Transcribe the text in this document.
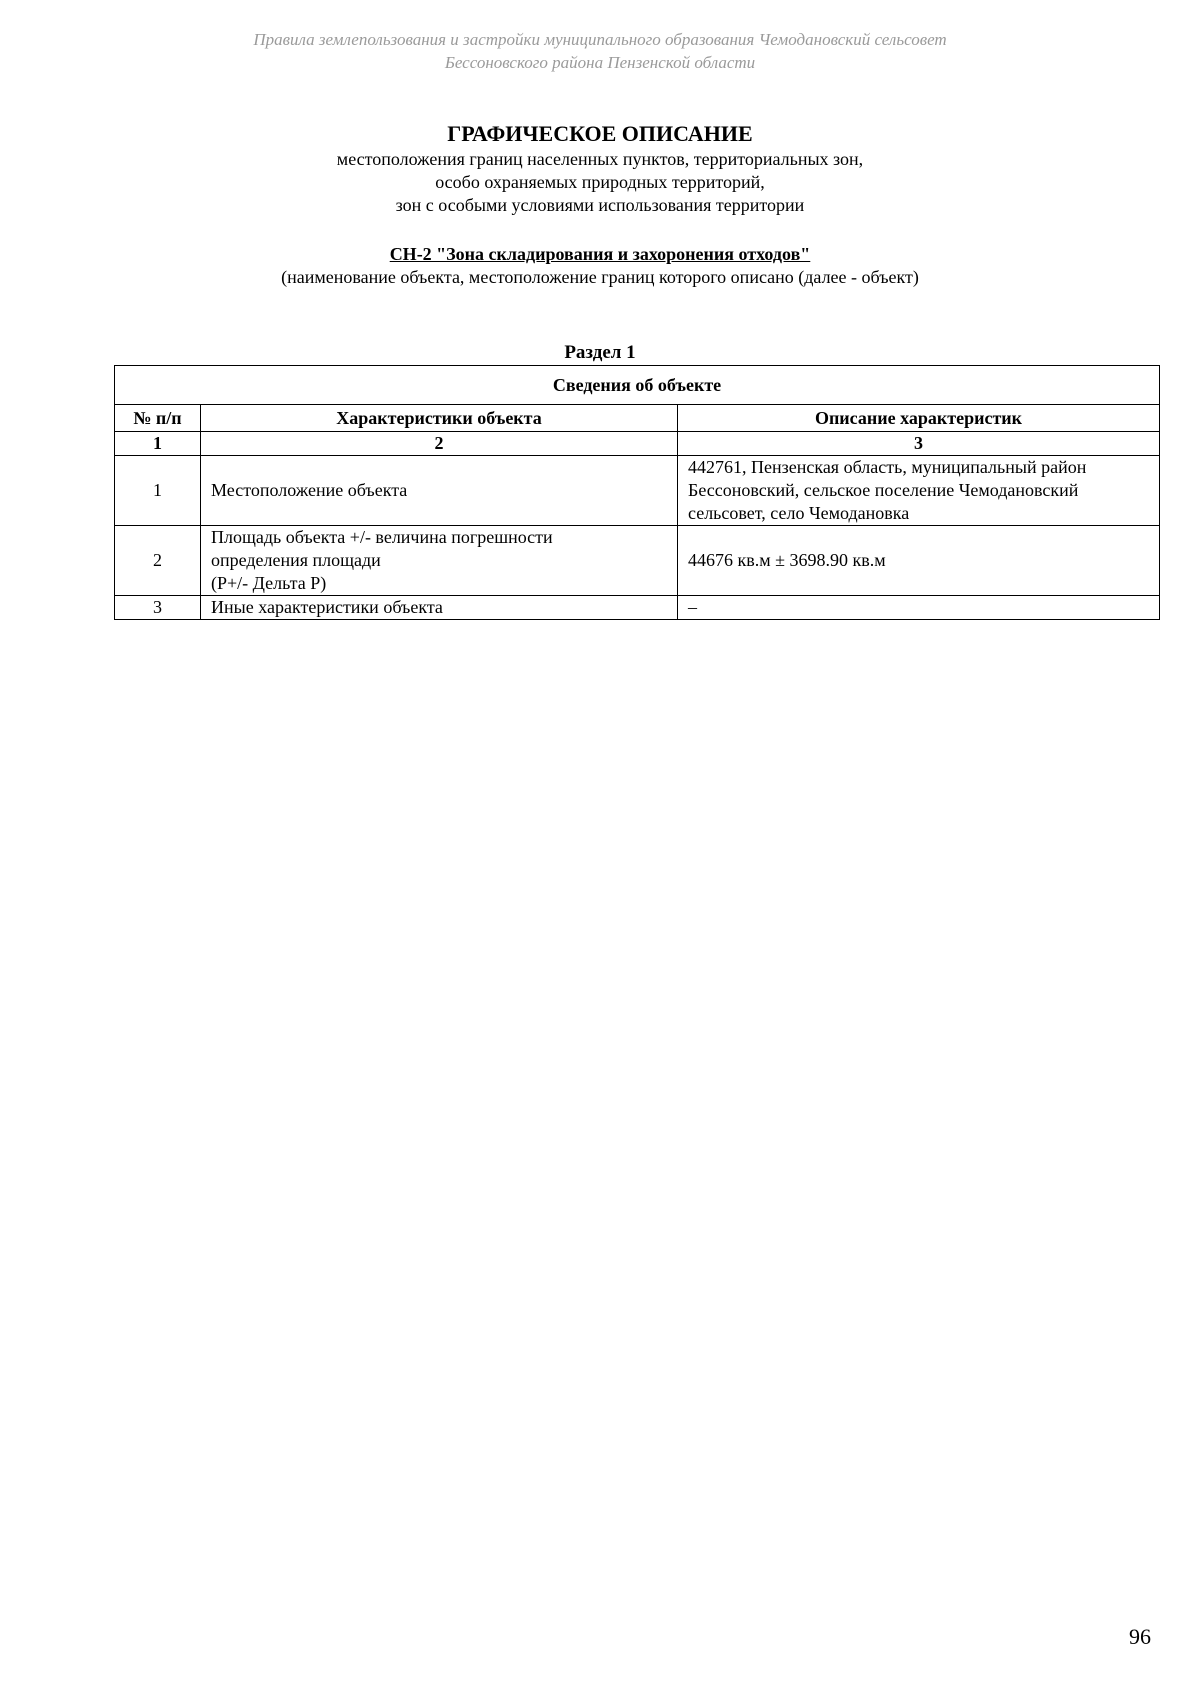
Правила землепользования и застройки муниципального образования Чемодановский сельсовет
Бессоновского района Пензенской области
ГРАФИЧЕСКОЕ ОПИСАНИЕ
местоположения границ населенных пунктов, территориальных зон,
особо охраняемых природных территорий,
зон с особыми условиями использования территории
СН-2 "Зона складирования и захоронения отходов"
(наименование объекта, местоположение границ которого описано (далее - объект)
Раздел 1
Сведения об объекте		
№ п/п	Характеристики объекта	Описание характеристик
1	2	3
1	Местоположение объекта	442761, Пензенская область, муниципальный район
Бессоновский, сельское поселение Чемодановский
сельсовет, село Чемодановка

2	Площадь объекта +/- величина погрешности
определения площади
(P+/- Дельта P)	44676 кв.м ± 3698.90 кв.м

3	Иные характеристики объекта	–
96
